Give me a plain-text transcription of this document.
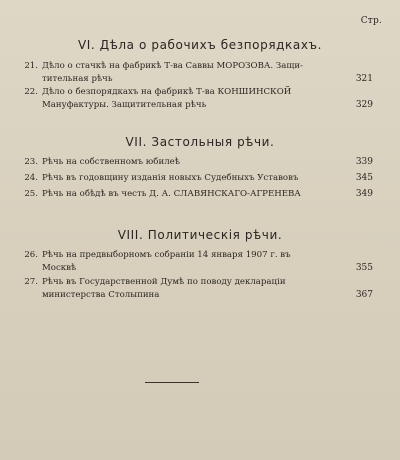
Стр.
VI. Дѣла о рабочихъ безпорядкахъ.
21. Дѣло о стачкѣ на фабрикѣ Т-ва Саввы МОРОЗОВА. Защи-
тительная рѣчь	321
22. Дѣло о безпорядкахъ на фабрикѣ Т-ва КОНШИНСКОЙ
Мануфактуры. Защитительная рѣчь	329
VII. Застольныя рѣчи.
23. Рѣчь на собственномъ юбилеѣ	339
24. Рѣчь въ годовщину изданія новыхъ Судебныхъ Уставовъ	345
25. Рѣчь на обѣдѣ въ честь Д. А. СЛАВЯНСКАГО-АГРЕНЕВА	349
VIII. Политическія рѣчи.
26. Рѣчь на предвыборномъ собраніи 14 января 1907 г. въ
Москвѣ	355
27. Рѣчь въ Государственной Думѣ по поводу деклараціи
министерства Столыпина	367
